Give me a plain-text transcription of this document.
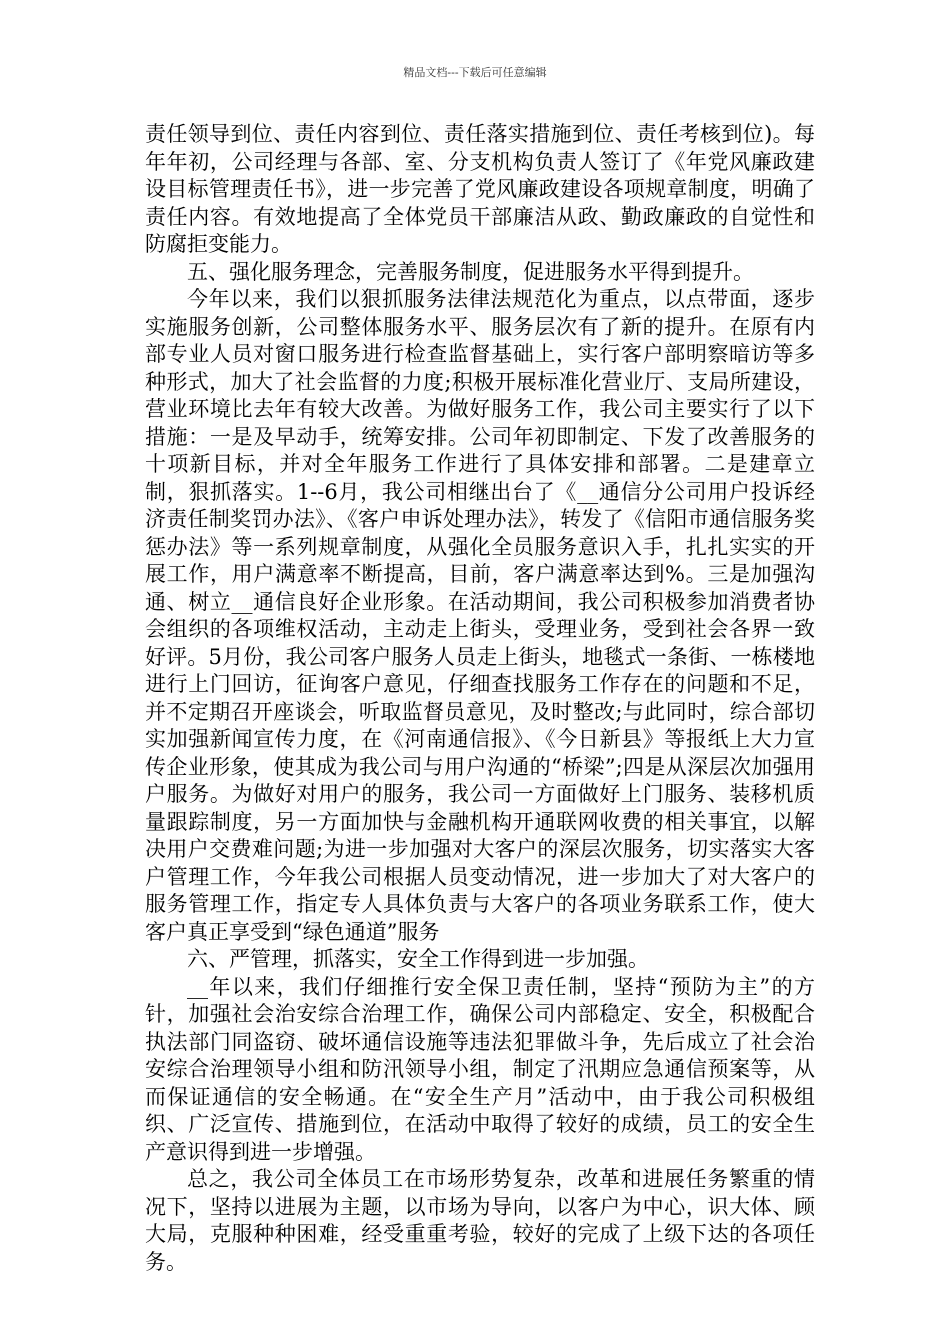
精品文档---下载后可任意编辑

责任领导到位、责任内容到位、责任落实措施到位、责任考核到位)。每年年初，公司经理与各部、室、分支机构负责人签订了《年党风廉政建设目标管理责任书》，进一步完善了党风廉政建设各项规章制度，明确了责任内容。有效地提高了全体党员干部廉洁从政、勤政廉政的自觉性和防腐拒变能力。

五、强化服务理念，完善服务制度，促进服务水平得到提升。

今年以来，我们以狠抓服务法律法规范化为重点，以点带面，逐步实施服务创新，公司整体服务水平、服务层次有了新的提升。在原有内部专业人员对窗口服务进行检查监督基础上，实行客户部明察暗访等多种形式，加大了社会监督的力度;积极开展标准化营业厅、支局所建设，营业环境比去年有较大改善。为做好服务工作，我公司主要实行了以下措施：一是及早动手，统筹安排。公司年初即制定、下发了改善服务的十项新目标，并对全年服务工作进行了具体安排和部署。二是建章立制，狠抓落实。1--6月，我公司相继出台了《__通信分公司用户投诉经济责任制奖罚办法》、《客户申诉处理办法》，转发了《信阳市通信服务奖惩办法》等一系列规章制度，从强化全员服务意识入手，扎扎实实的开展工作，用户满意率不断提高，目前，客户满意率达到%。三是加强沟通、树立__通信良好企业形象。在活动期间，我公司积极参加消费者协会组织的各项维权活动，主动走上街头，受理业务，受到社会各界一致好评。5月份，我公司客户服务人员走上街头，地毯式一条街、一栋楼地进行上门回访，征询客户意见，仔细查找服务工作存在的问题和不足，并不定期召开座谈会，听取监督员意见，及时整改;与此同时，综合部切实加强新闻宣传力度，在《河南通信报》、《今日新县》等报纸上大力宣传企业形象，使其成为我公司与用户沟通的“桥梁”;四是从深层次加强用户服务。为做好对用户的服务，我公司一方面做好上门服务、装移机质量跟踪制度，另一方面加快与金融机构开通联网收费的相关事宜，以解决用户交费难问题;为进一步加强对大客户的深层次服务，切实落实大客户管理工作，今年我公司根据人员变动情况，进一步加大了对大客户的服务管理工作，指定专人具体负责与大客户的各项业务联系工作，使大客户真正享受到“绿色通道”服务

六、严管理，抓落实，安全工作得到进一步加强。

__年以来，我们仔细推行安全保卫责任制，坚持“预防为主”的方针，加强社会治安综合治理工作，确保公司内部稳定、安全，积极配合执法部门同盗窃、破坏通信设施等违法犯罪做斗争，先后成立了社会治安综合治理领导小组和防汛领导小组，制定了汛期应急通信预案等，从而保证通信的安全畅通。在“安全生产月”活动中，由于我公司积极组织、广泛宣传、措施到位，在活动中取得了较好的成绩，员工的安全生产意识得到进一步增强。

总之，我公司全体员工在市场形势复杂，改革和进展任务繁重的情况下，坚持以进展为主题，以市场为导向，以客户为中心，识大体、顾大局，克服种种困难，经受重重考验，较好的完成了上级下达的各项任务。
